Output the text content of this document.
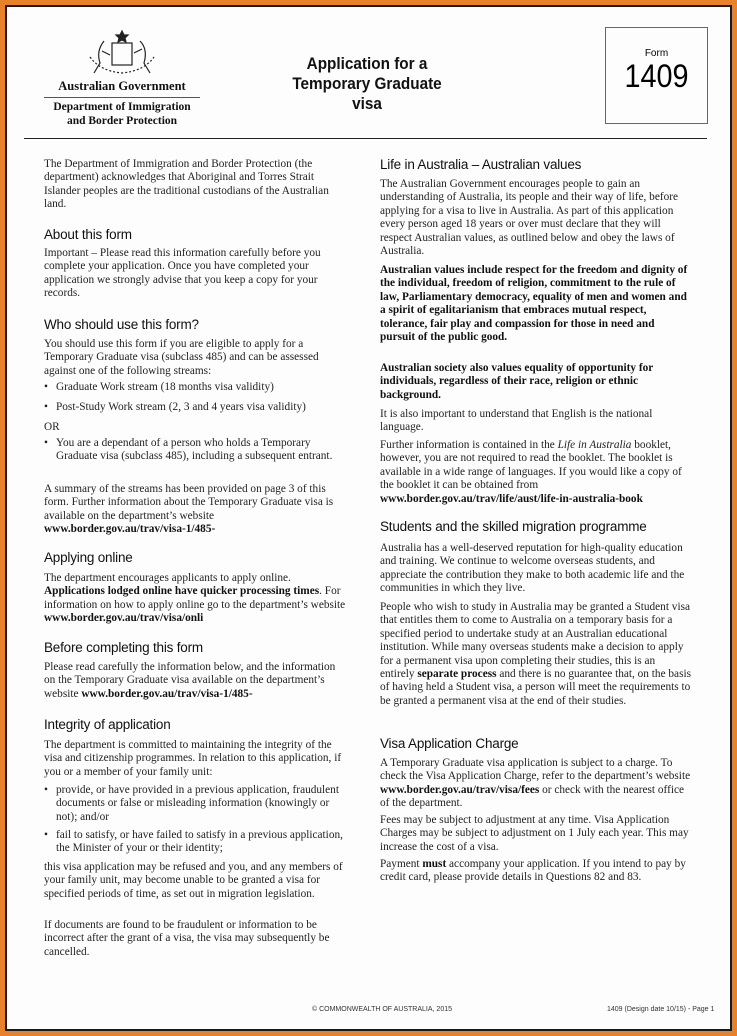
Australian Government
Department of Immigration
and Border Protection
Application for a
Temporary Graduate visa
Form
1409

The Department of Immigration and Border Protection (the department) acknowledges that Aboriginal and Torres Strait Islander peoples are the traditional custodians of the Australian land.

About this form

Important – Please read this information carefully before you complete your application. Once you have completed your application we strongly advise that you keep a copy for your records.

Who should use this form?

You should use this form if you are eligible to apply for a Temporary Graduate visa (subclass 485) and can be assessed against one of the following streams:

• Graduate Work stream (18 months visa validity)

• Post-Study Work stream (2, 3 and 4 years visa validity)

OR

• You are a dependant of a person who holds a Temporary Graduate visa (subclass 485), including a subsequent entrant.

A summary of the streams has been provided on page 3 of this form. Further information about the Temporary Graduate visa is available on the department’s website
www.border.gov.au/trav/visa-1/485-

Applying online

The department encourages applicants to apply online.
Applications lodged online have quicker processing times. For information on how to apply online go to the department’s website www.border.gov.au/trav/visa/onli

Before completing this form

Please read carefully the information below, and the information on the Temporary Graduate visa available on the department’s website www.border.gov.au/trav/visa-1/485-

Integrity of application

The department is committed to maintaining the integrity of the visa and citizenship programmes. In relation to this application, if you or a member of your family unit:

• provide, or have provided in a previous application, fraudulent documents or false or misleading information (knowingly or not); and/or

• fail to satisfy, or have failed to satisfy in a previous application, the Minister of your or their identity;

this visa application may be refused and you, and any members of your family unit, may become unable to be granted a visa for specified periods of time, as set out in migration legislation.

If documents are found to be fraudulent or information to be incorrect after the grant of a visa, the visa may subsequently be cancelled.

Life in Australia – Australian values

The Australian Government encourages people to gain an understanding of Australia, its people and their way of life, before applying for a visa to live in Australia. As part of this application every person aged 18 years or over must declare that they will respect Australian values, as outlined below and obey the laws of Australia.

Australian values include respect for the freedom and dignity of the individual, freedom of religion, commitment to the rule of law, Parliamentary democracy, equality of men and women and a spirit of egalitarianism that embraces mutual respect, tolerance, fair play and compassion for those in need and pursuit of the public good.

Australian society also values equality of opportunity for individuals, regardless of their race, religion or ethnic background.

It is also important to understand that English is the national language.

Further information is contained in the Life in Australia booklet, however, you are not required to read the booklet. The booklet is available in a wide range of languages. If you would like a copy of the booklet it can be obtained from
www.border.gov.au/trav/life/aust/life-in-australia-book

Students and the skilled migration programme

Australia has a well-deserved reputation for high-quality education and training. We continue to welcome overseas students, and appreciate the contribution they make to both academic life and the communities in which they live.

People who wish to study in Australia may be granted a Student visa that entitles them to come to Australia on a temporary basis for a specified period to undertake study at an Australian educational institution. While many overseas students make a decision to apply for a permanent visa upon completing their studies, this is an entirely separate process and there is no guarantee that, on the basis of having held a Student visa, a person will meet the requirements to be granted a permanent visa at the end of their studies.

Visa Application Charge

A Temporary Graduate visa application is subject to a charge. To check the Visa Application Charge, refer to the department’s website www.border.gov.au/trav/visa/fees or check with the nearest office of the department.

Fees may be subject to adjustment at any time. Visa Application Charges may be subject to adjustment on 1 July each year. This may increase the cost of a visa.

Payment must accompany your application. If you intend to pay by credit card, please provide details in Questions 82 and 83.

© COMMONWEALTH OF AUSTRALIA, 2015	1409 (Design date 10/15) - Page 1
